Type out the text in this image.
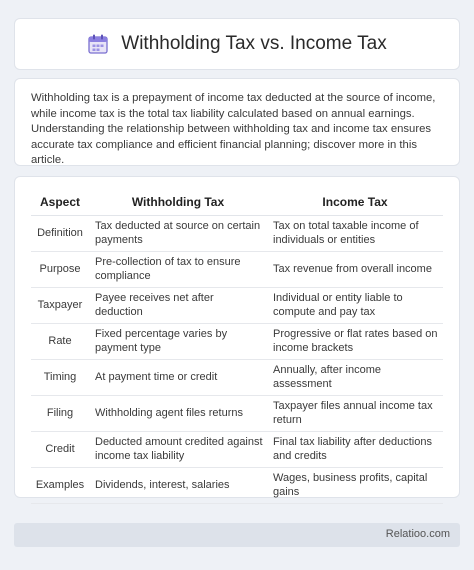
Withholding Tax vs. Income Tax

Withholding tax is a prepayment of income tax deducted at the source of income, while income tax is the total tax liability calculated based on annual earnings. Understanding the relationship between withholding tax and income tax ensures accurate tax compliance and efficient financial planning; discover more in this article.

Aspect	Withholding Tax	Income Tax
Definition	Tax deducted at source on certain payments	Tax on total taxable income of individuals or entities
Purpose	Pre-collection of tax to ensure compliance	Tax revenue from overall income
Taxpayer	Payee receives net after deduction	Individual or entity liable to compute and pay tax
Rate	Fixed percentage varies by payment type	Progressive or flat rates based on income brackets
Timing	At payment time or credit	Annually, after income assessment
Filing	Withholding agent files returns	Taxpayer files annual income tax return
Credit	Deducted amount credited against income tax liability	Final tax liability after deductions and credits
Examples	Dividends, interest, salaries	Wages, business profits, capital gains
Relatioo.com
